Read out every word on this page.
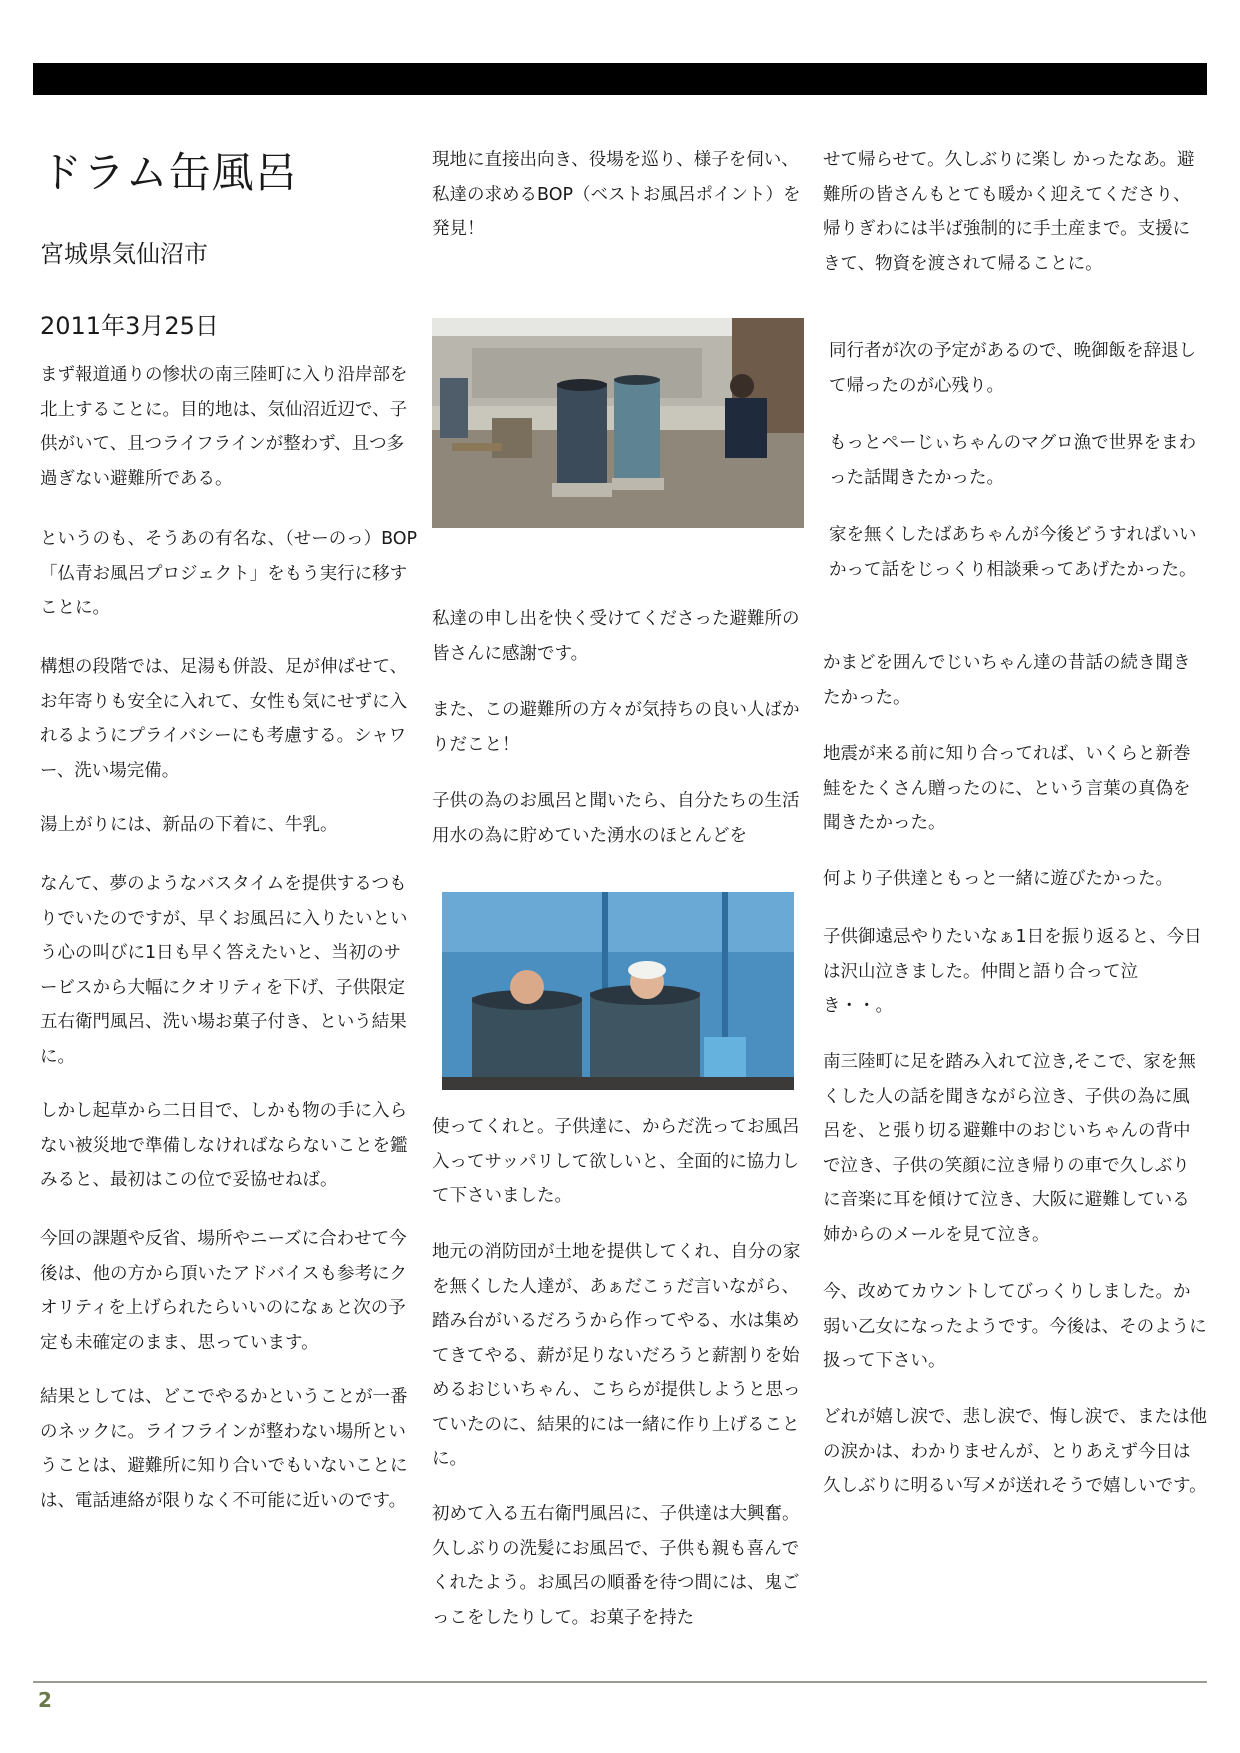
ドラム缶風呂
宮城県気仙沼市
2011年3月25日

まず報道通りの惨状の南三陸町に入り沿岸部を北上することに。目的地は、気仙沼近辺で、子供がいて、且つライフラインが整わず、且つ多過ぎない避難所である。

というのも、そうあの有名な、（せーのっ）BOP「仏青お風呂プロジェクト」をもう実行に移すことに。

構想の段階では、足湯も併設、足が伸ばせて、お年寄りも安全に入れて、女性も気にせずに入れるようにプライバシーにも考慮する。シャワー、洗い場完備。

湯上がりには、新品の下着に、牛乳。

なんて、夢のようなバスタイムを提供するつもりでいたのですが、早くお風呂に入りたいという心の叫びに1日も早く答えたいと、当初のサービスから大幅にクオリティを下げ、子供限定五右衛門風呂、洗い場お菓子付き、という結果に。

しかし起草から二日目で、しかも物の手に入らない被災地で準備しなければならないことを鑑みると、最初はこの位で妥協せねば。

今回の課題や反省、場所やニーズに合わせて今後は、他の方から頂いたアドバイスも参考にクオリティを上げられたらいいのになぁと次の予定も未確定のまま、思っています。

結果としては、どこでやるかということが一番のネックに。ライフラインが整わない場所ということは、避難所に知り合いでもいないことには、電話連絡が限りなく不可能に近いのです。

現地に直接出向き、役場を巡り、様子を伺い、私達の求めるBOP（ベストお風呂ポイント）を発見！

私達の申し出を快く受けてくださった避難所の皆さんに感謝です。

また、この避難所の方々が気持ちの良い人ばかりだこと！

子供の為のお風呂と聞いたら、自分たちの生活用水の為に貯めていた湧水のほとんどを

使ってくれと。子供達に、からだ洗ってお風呂入ってサッパリして欲しいと、全面的に協力して下さいました。

地元の消防団が土地を提供してくれ、自分の家を無くした人達が、あぁだこぅだ言いながら、踏み台がいるだろうから作ってやる、水は集めてきてやる、薪が足りないだろうと薪割りを始めるおじいちゃん、こちらが提供しようと思っていたのに、結果的には一緒に作り上げることに。

初めて入る五右衛門風呂に、子供達は大興奮。 久しぶりの洗髪にお風呂で、子供も親も喜んでくれたよう。お風呂の順番を待つ間には、鬼ごっこをしたりして。お菓子を持た

せて帰らせて。久しぶりに楽し かったなあ。避難所の皆さんもとても暖かく迎えてくださり、帰りぎわには半ば強制的に手土産まで。支援にきて、物資を渡されて帰ることに。

同行者が次の予定があるので、晩御飯を辞退して帰ったのが心残り。

もっとペーじぃちゃんのマグロ漁で世界をまわった話聞きたかった。

家を無くしたばあちゃんが今後どうすればいいかって話をじっくり相談乗ってあげたかった。

かまどを囲んでじいちゃん達の昔話の続き聞きたかった。

地震が来る前に知り合ってれば、いくらと新巻鮭をたくさん贈ったのに、という言葉の真偽を聞きたかった。

何より子供達ともっと一緒に遊びたかった。

子供御遠忌やりたいなぁ1日を振り返ると、今日は沢山泣きました。仲間と語り合って泣き・・。

南三陸町に足を踏み入れて泣き,そこで、家を無くした人の話を聞きながら泣き、子供の為に風呂を、と張り切る避難中のおじいちゃんの背中で泣き、子供の笑顔に泣き帰りの車で久しぶりに音楽に耳を傾けて泣き、大阪に避難している姉からのメールを見て泣き。

今、改めてカウントしてびっくりしました。か弱い乙女になったようです。今後は、そのように扱って下さい。

どれが嬉し涙で、悲し涙で、悔し涙で、または他の涙かは、わかりませんが、とりあえず今日は久しぶりに明るい写メが送れそうで嬉しいです。

2
